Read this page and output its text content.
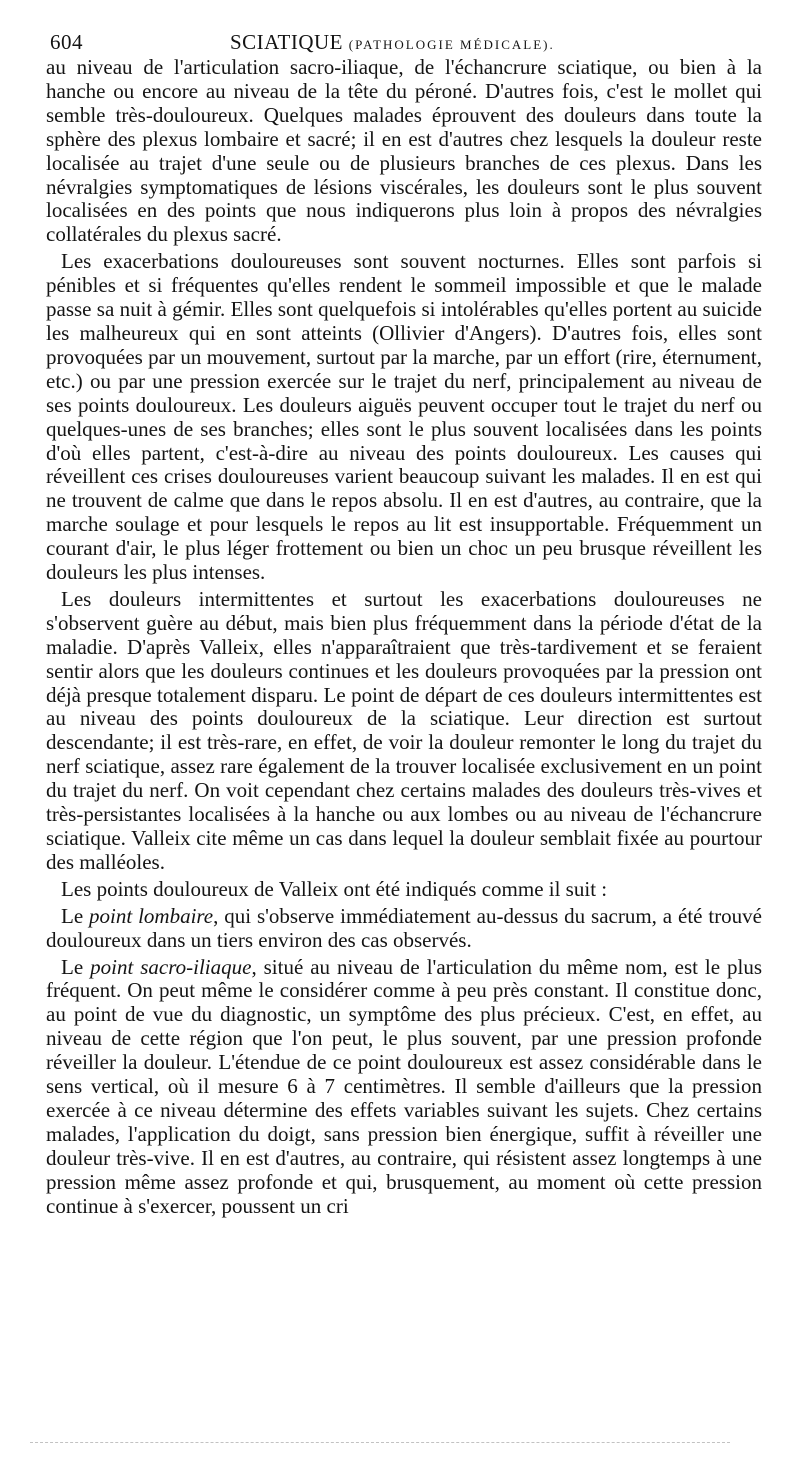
604	SCIATIQUE (PATHOLOGIE MÉDICALE).

au niveau de l'articulation sacro-iliaque, de l'échancrure sciatique, ou bien à la hanche ou encore au niveau de la tête du péroné. D'autres fois, c'est le mollet qui semble très-douloureux. Quelques malades éprouvent des douleurs dans toute la sphère des plexus lombaire et sacré; il en est d'autres chez lesquels la douleur reste localisée au trajet d'une seule ou de plusieurs branches de ces plexus. Dans les névralgies symptomatiques de lésions viscérales, les douleurs sont le plus souvent localisées en des points que nous indiquerons plus loin à propos des névralgies collatérales du plexus sacré.

Les exacerbations douloureuses sont souvent nocturnes. Elles sont parfois si pénibles et si fréquentes qu'elles rendent le sommeil impossible et que le malade passe sa nuit à gémir. Elles sont quelquefois si intolérables qu'elles portent au suicide les malheureux qui en sont atteints (Ollivier d'Angers). D'autres fois, elles sont provoquées par un mouvement, surtout par la marche, par un effort (rire, éternument, etc.) ou par une pression exercée sur le trajet du nerf, principalement au niveau de ses points douloureux. Les douleurs aiguës peuvent occuper tout le trajet du nerf ou quelques-unes de ses branches; elles sont le plus souvent localisées dans les points d'où elles partent, c'est-à-dire au niveau des points douloureux. Les causes qui réveillent ces crises douloureuses varient beaucoup suivant les malades. Il en est qui ne trouvent de calme que dans le repos absolu. Il en est d'autres, au contraire, que la marche soulage et pour lesquels le repos au lit est insupportable. Fréquemment un courant d'air, le plus léger frottement ou bien un choc un peu brusque réveillent les douleurs les plus intenses.

Les douleurs intermittentes et surtout les exacerbations douloureuses ne s'observent guère au début, mais bien plus fréquemment dans la période d'état de la maladie. D'après Valleix, elles n'apparaîtraient que très-tardivement et se feraient sentir alors que les douleurs continues et les douleurs provoquées par la pression ont déjà presque totalement disparu. Le point de départ de ces douleurs intermittentes est au niveau des points douloureux de la sciatique. Leur direction est surtout descendante; il est très-rare, en effet, de voir la douleur remonter le long du trajet du nerf sciatique, assez rare également de la trouver localisée exclusivement en un point du trajet du nerf. On voit cependant chez certains malades des douleurs très-vives et très-persistantes localisées à la hanche ou aux lombes ou au niveau de l'échancrure sciatique. Valleix cite même un cas dans lequel la douleur semblait fixée au pourtour des malléoles.

Les points douloureux de Valleix ont été indiqués comme il suit :

Le point lombaire, qui s'observe immédiatement au-dessus du sacrum, a été trouvé douloureux dans un tiers environ des cas observés.

Le point sacro-iliaque, situé au niveau de l'articulation du même nom, est le plus fréquent. On peut même le considérer comme à peu près constant. Il constitue donc, au point de vue du diagnostic, un symptôme des plus précieux. C'est, en effet, au niveau de cette région que l'on peut, le plus souvent, par une pression profonde réveiller la douleur. L'étendue de ce point douloureux est assez considérable dans le sens vertical, où il mesure 6 à 7 centimètres. Il semble d'ailleurs que la pression exercée à ce niveau détermine des effets variables suivant les sujets. Chez certains malades, l'application du doigt, sans pression bien énergique, suffit à réveiller une douleur très-vive. Il en est d'autres, au contraire, qui résistent assez longtemps à une pression même assez profonde et qui, brusquement, au moment où cette pression continue à s'exercer, poussent un cri
